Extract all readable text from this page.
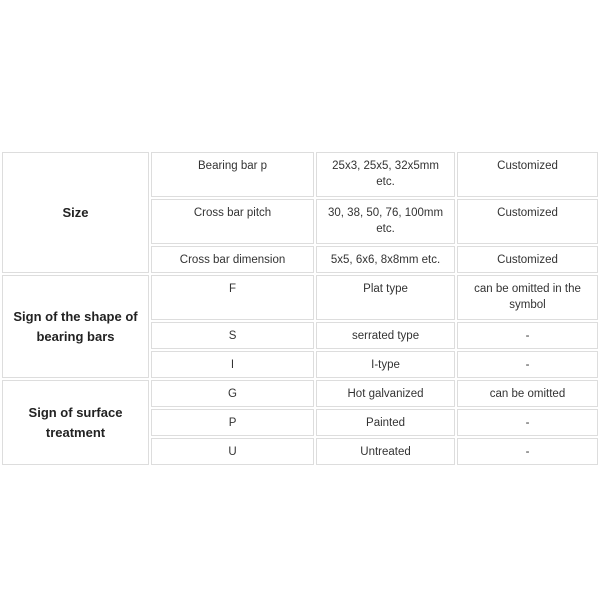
Size	Bearing bar p	25x3, 25x5, 32x5mm etc.	Customized
	Cross bar pitch	30, 38, 50, 76, 100mm etc.	Customized
	Cross bar dimension	5x5, 6x6, 8x8mm etc.	Customized
Sign of the shape of bearing bars	F	Plat type	can be omitted in the symbol
	S	serrated type	-
	I	I-type	-
Sign of surface treatment	G	Hot galvanized	can be omitted
	P	Painted	-
	U	Untreated	-
